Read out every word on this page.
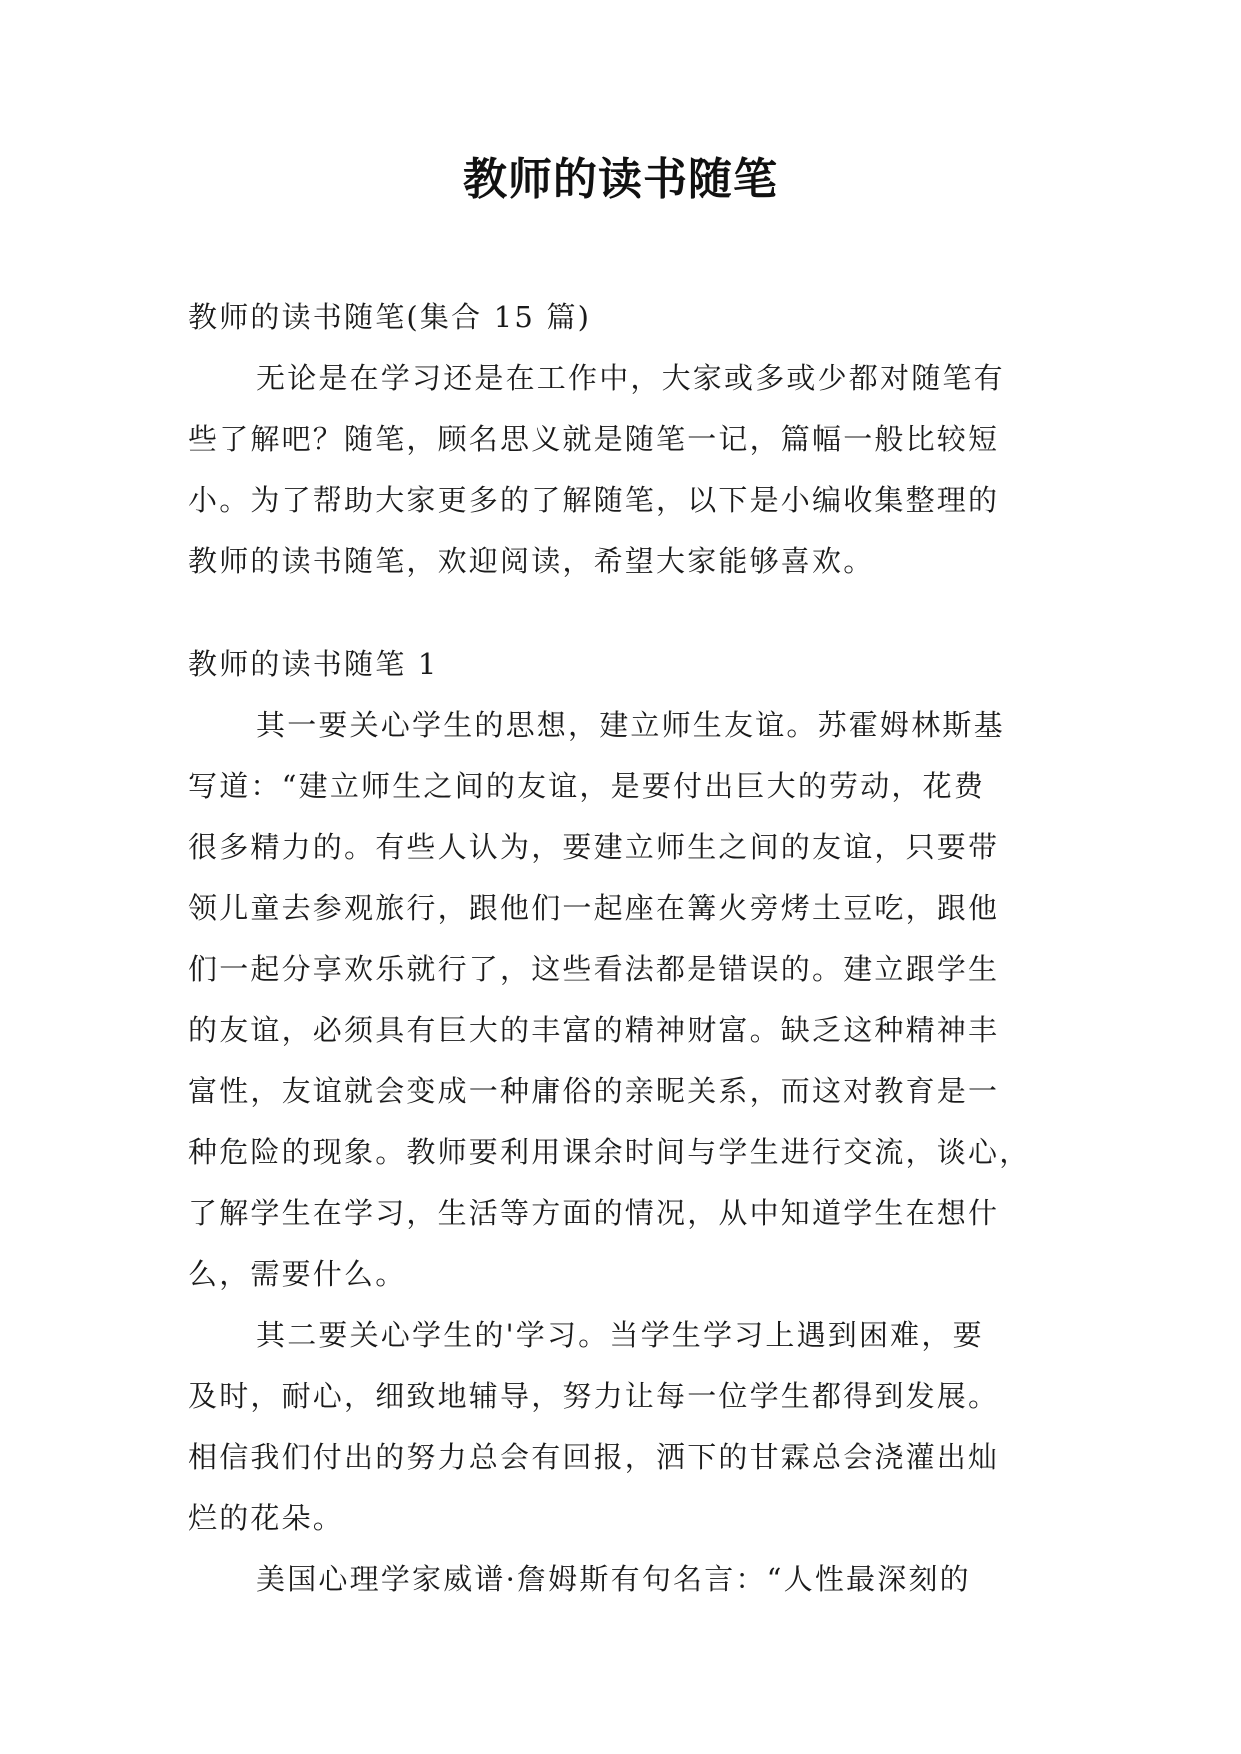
教师的读书随笔
教师的读书随笔(集合 15 篇)
无论是在学习还是在工作中，大家或多或少都对随笔有
些了解吧？随笔，顾名思义就是随笔一记，篇幅一般比较短
小。为了帮助大家更多的了解随笔，以下是小编收集整理的
教师的读书随笔，欢迎阅读，希望大家能够喜欢。
教师的读书随笔 1
其一要关心学生的思想，建立师生友谊。苏霍姆林斯基
写道：“建立师生之间的友谊，是要付出巨大的劳动，花费
很多精力的。有些人认为，要建立师生之间的友谊，只要带
领儿童去参观旅行，跟他们一起座在篝火旁烤土豆吃，跟他
们一起分享欢乐就行了，这些看法都是错误的。建立跟学生
的友谊，必须具有巨大的丰富的精神财富。缺乏这种精神丰
富性，友谊就会变成一种庸俗的亲昵关系，而这对教育是一
种危险的现象。教师要利用课余时间与学生进行交流，谈心，
了解学生在学习，生活等方面的情况，从中知道学生在想什
么，需要什么。
其二要关心学生的'学习。当学生学习上遇到困难，要
及时，耐心，细致地辅导，努力让每一位学生都得到发展。
相信我们付出的努力总会有回报，洒下的甘霖总会浇灌出灿
烂的花朵。
美国心理学家威谱·詹姆斯有句名言：“人性最深刻的
